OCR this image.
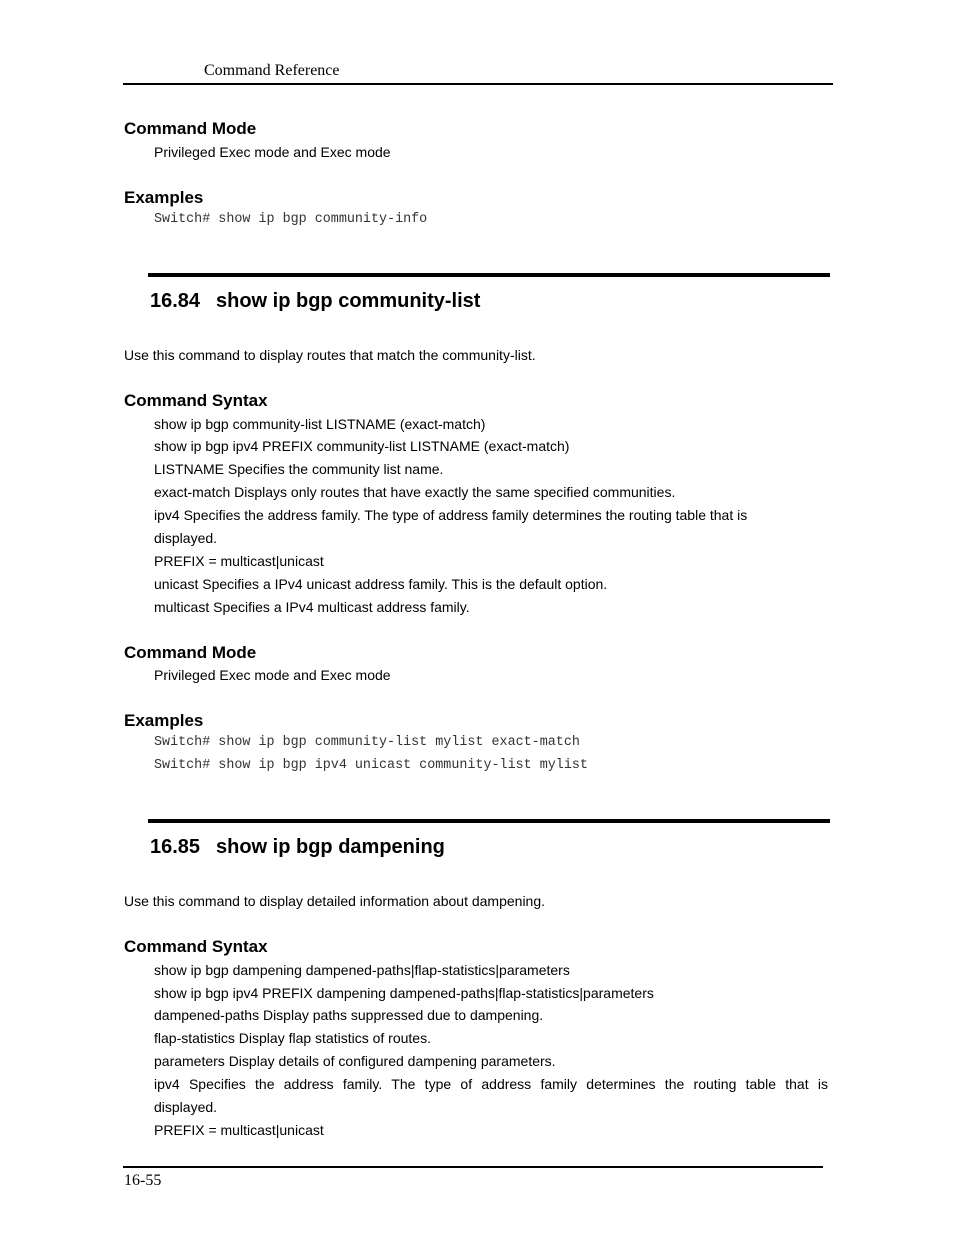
Command Reference
Command Mode
Privileged Exec mode and Exec mode
Examples
Switch# show ip bgp community-info
16.84 show ip bgp community-list
Use this command to display routes that match the community-list.
Command Syntax
show ip bgp community-list LISTNAME (exact-match)
show ip bgp ipv4 PREFIX community-list LISTNAME (exact-match)
LISTNAME Specifies the community list name.
exact-match Displays only routes that have exactly the same specified communities.
ipv4 Specifies the address family. The type of address family determines the routing table that is
displayed.
PREFIX = multicast|unicast
unicast Specifies a IPv4 unicast address family. This is the default option.
multicast Specifies a IPv4 multicast address family.
Command Mode
Privileged Exec mode and Exec mode
Examples
Switch# show ip bgp community-list mylist exact-match
Switch# show ip bgp ipv4 unicast community-list mylist
16.85 show ip bgp dampening
Use this command to display detailed information about dampening.
Command Syntax
show ip bgp dampening dampened-paths|flap-statistics|parameters
show ip bgp ipv4 PREFIX dampening dampened-paths|flap-statistics|parameters
dampened-paths Display paths suppressed due to dampening.
flap-statistics Display flap statistics of routes.
parameters Display details of configured dampening parameters.
ipv4 Specifies the address family. The type of address family determines the routing table that is
displayed.
PREFIX = multicast|unicast
16-55
